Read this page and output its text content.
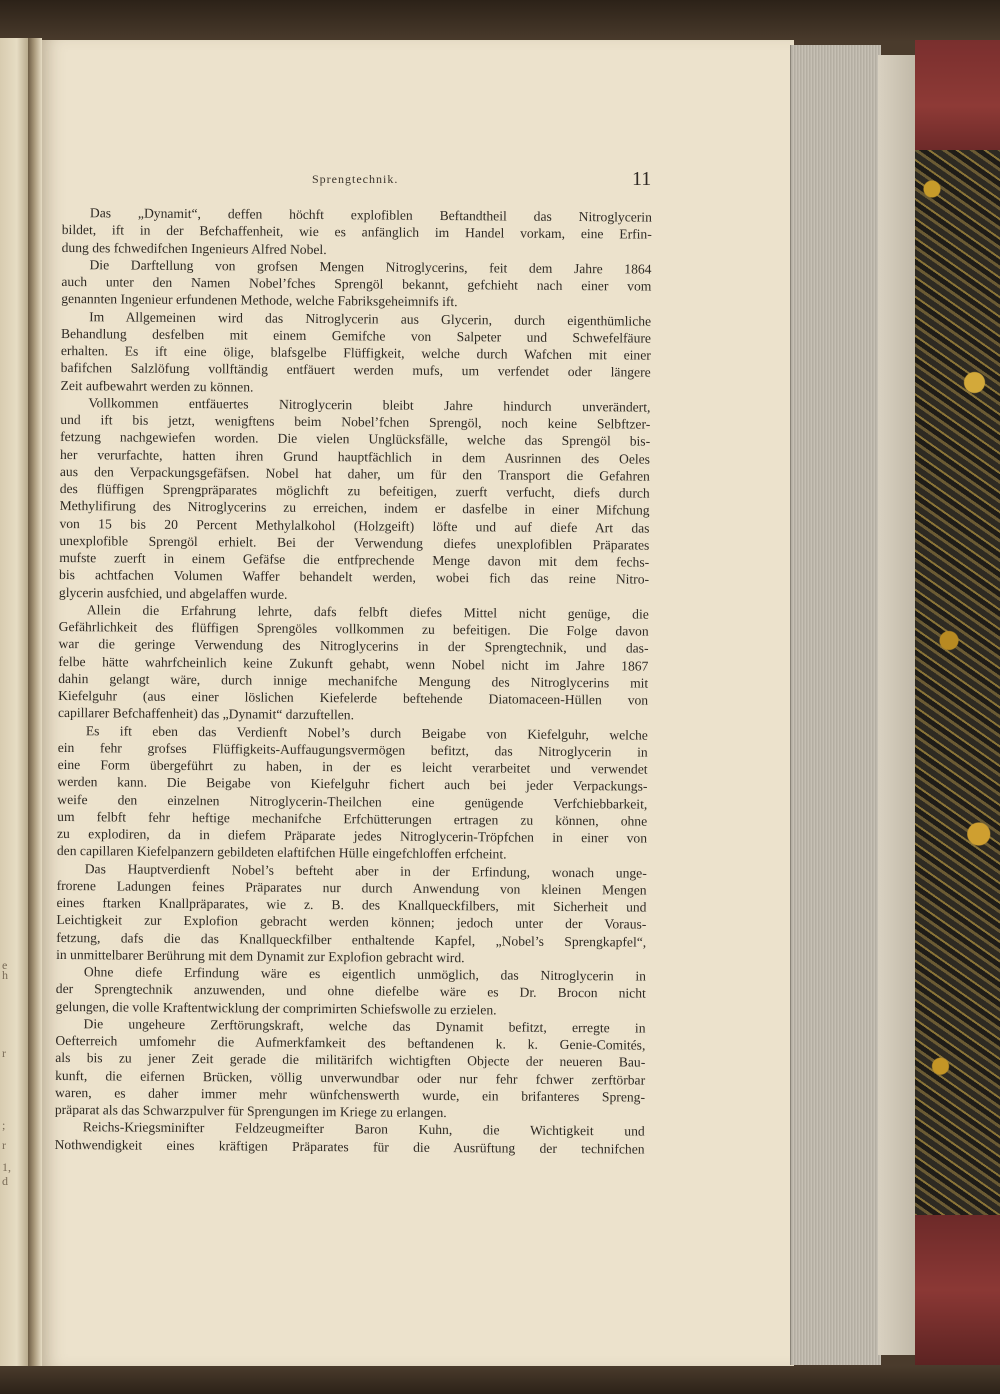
h
e
r
;
r
1,
d
Sprengtechnik.	11
Das „Dynamit“, deffen höchft explofiblen Beftandtheil das Nitroglycerin
bildet, ift in der Befchaffenheit, wie es anfänglich im Handel vorkam, eine Erfin-
dung des fchwedifchen Ingenieurs Alfred Nobel.
Die Darftellung von grofsen Mengen Nitroglycerins, feit dem Jahre 1864
auch unter den Namen Nobel’fches Sprengöl bekannt, gefchieht nach einer vom
genannten Ingenieur erfundenen Methode, welche Fabriksgeheimnifs ift.
Im Allgemeinen wird das Nitroglycerin aus Glycerin, durch eigenthümliche
Behandlung desfelben mit einem Gemifche von Salpeter und Schwefelfäure
erhalten. Es ift eine ölige, blafsgelbe Flüffigkeit, welche durch Wafchen mit einer
bafifchen Salzlöfung vollftändig entfäuert werden mufs, um verfendet oder längere
Zeit aufbewahrt werden zu können.
Vollkommen entfäuertes Nitroglycerin bleibt Jahre hindurch unverändert,
und ift bis jetzt, wenigftens beim Nobel’fchen Sprengöl, noch keine Selbftzer-
fetzung nachgewiefen worden. Die vielen Unglücksfälle, welche das Sprengöl bis-
her verurfachte, hatten ihren Grund hauptfächlich in dem Ausrinnen des Oeles
aus den Verpackungsgefäfsen. Nobel hat daher, um für den Transport die Gefahren
des flüffigen Sprengpräparates möglichft zu befeitigen, zuerft verfucht, diefs durch
Methylifirung des Nitroglycerins zu erreichen, indem er dasfelbe in einer Mifchung
von 15 bis 20 Percent Methylalkohol (Holzgeift) löfte und auf diefe Art das
unexplofible Sprengöl erhielt. Bei der Verwendung diefes unexplofiblen Präparates
mufste zuerft in einem Gefäfse die entfprechende Menge davon mit dem fechs-
bis achtfachen Volumen Waffer behandelt werden, wobei fich das reine Nitro-
glycerin ausfchied, und abgelaffen wurde.
Allein die Erfahrung lehrte, dafs felbft diefes Mittel nicht genüge, die
Gefährlichkeit des flüffigen Sprengöles vollkommen zu befeitigen. Die Folge davon
war die geringe Verwendung des Nitroglycerins in der Sprengtechnik, und das-
felbe hätte wahrfcheinlich keine Zukunft gehabt, wenn Nobel nicht im Jahre 1867
dahin gelangt wäre, durch innige mechanifche Mengung des Nitroglycerins mit
Kiefelguhr (aus einer löslichen Kiefelerde beftehende Diatomaceen-Hüllen von
capillarer Befchaffenheit) das „Dynamit“ darzuftellen.
Es ift eben das Verdienft Nobel’s durch Beigabe von Kiefelguhr, welche
ein fehr grofses Flüffigkeits-Auffaugungsvermögen befitzt, das Nitroglycerin in
eine Form übergeführt zu haben, in der es leicht verarbeitet und verwendet
werden kann. Die Beigabe von Kiefelguhr fichert auch bei jeder Verpackungs-
weife den einzelnen Nitroglycerin-Theilchen eine genügende Verfchiebbarkeit,
um felbft fehr heftige mechanifche Erfchütterungen ertragen zu können, ohne
zu explodiren, da in diefem Präparate jedes Nitroglycerin-Tröpfchen in einer von
den capillaren Kiefelpanzern gebildeten elaftifchen Hülle eingefchloffen erfcheint.
Das Hauptverdienft Nobel’s befteht aber in der Erfindung, wonach unge-
frorene Ladungen feines Präparates nur durch Anwendung von kleinen Mengen
eines ftarken Knallpräparates, wie z. B. des Knallqueckfilbers, mit Sicherheit und
Leichtigkeit zur Explofion gebracht werden können; jedoch unter der Voraus-
fetzung, dafs die das Knallqueckfilber enthaltende Kapfel, „Nobel’s Sprengkapfel“,
in unmittelbarer Berührung mit dem Dynamit zur Explofion gebracht wird.
Ohne diefe Erfindung wäre es eigentlich unmöglich, das Nitroglycerin in
der Sprengtechnik anzuwenden, und ohne diefelbe wäre es Dr. Brocon nicht
gelungen, die volle Kraftentwicklung der comprimirten Schiefswolle zu erzielen.
Die ungeheure Zerftörungskraft, welche das Dynamit befitzt, erregte in
Oefterreich umfomehr die Aufmerkfamkeit des beftandenen k. k. Genie-Comités,
als bis zu jener Zeit gerade die militärifch wichtigften Objecte der neueren Bau-
kunft, die eifernen Brücken, völlig unverwundbar oder nur fehr fchwer zerftörbar
waren, es daher immer mehr wünfchenswerth wurde, ein brifanteres Spreng-
präparat als das Schwarzpulver für Sprengungen im Kriege zu erlangen.
Reichs-Kriegsminifter Feldzeugmeifter Baron Kuhn, die Wichtigkeit und
Nothwendigkeit eines kräftigen Präparates für die Ausrüftung der technifchen
